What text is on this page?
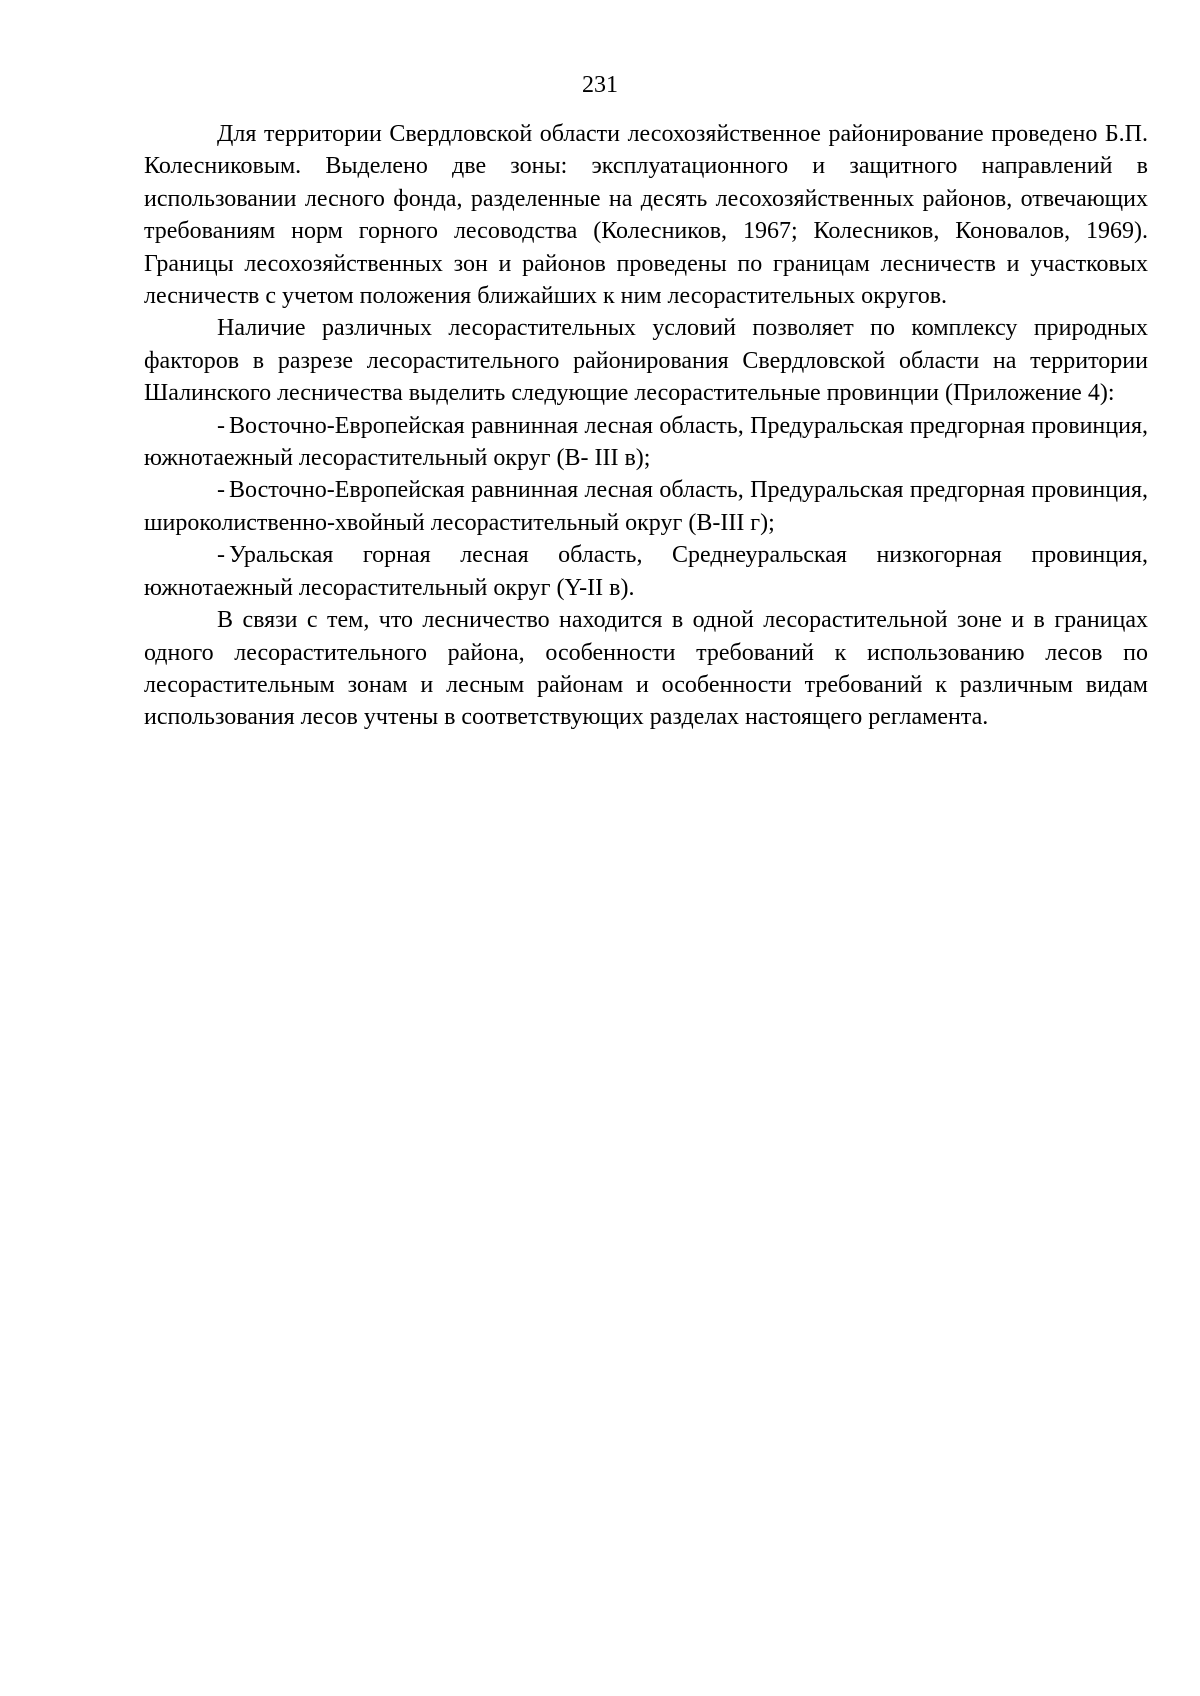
231

Для территории Свердловской области лесохозяйственное районирование проведено Б.П. Колесниковым. Выделено две зоны: эксплуатационного и защитного направлений в использовании лесного фонда, разделенные на десять лесохозяйственных районов, отвечающих требованиям норм горного лесоводства (Колесников, 1967; Колесников, Коновалов, 1969). Границы лесохозяйственных зон и районов проведены по границам лесничеств и участковых лесничеств с учетом положения ближайших к ним лесорастительных округов.

Наличие различных лесорастительных условий позволяет по комплексу природных факторов в разрезе лесорастительного районирования Свердловской области на территории Шалинского лесничества выделить следующие лесорастительные провинции (Приложение 4):

- Восточно-Европейская равнинная лесная область, Предуральская предгорная провинция, южнотаежный лесорастительный округ (В- III в);

- Восточно-Европейская равнинная лесная область, Предуральская предгорная провинция, широколиственно-хвойный лесорастительный округ (В-III г);

- Уральская горная лесная область, Среднеуральская низкогорная провинция, южнотаежный лесорастительный округ (Y-II в).

В связи с тем, что лесничество находится в одной лесорастительной зоне и в границах одного лесорастительного района, особенности требований к использованию лесов по лесорастительным зонам и лесным районам и особенности требований к различным видам использования лесов учтены в соответствующих разделах настоящего регламента.
